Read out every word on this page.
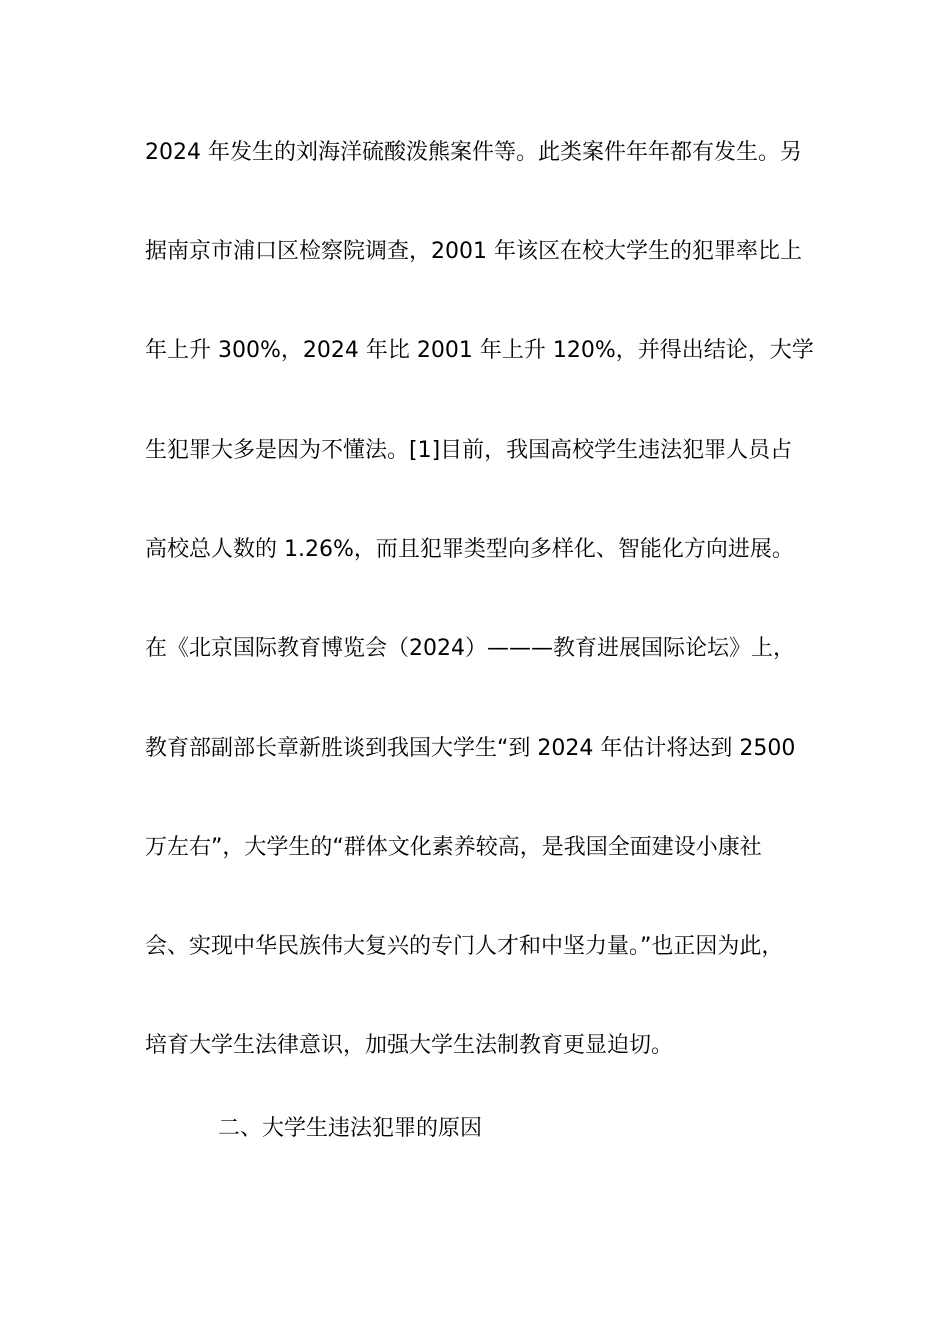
2024 年发生的刘海洋硫酸泼熊案件等。此类案件年年都有发生。另
据南京市浦口区检察院调查，2001 年该区在校大学生的犯罪率比上
年上升 300%，2024 年比 2001 年上升 120%，并得出结论，大学
生犯罪大多是因为不懂法。[1]目前，我国高校学生违法犯罪人员占
高校总人数的 1.26%，而且犯罪类型向多样化、智能化方向进展。
在《北京国际教育博览会（2024）———教育进展国际论坛》上，
教育部副部长章新胜谈到我国大学生“到 2024 年估计将达到 2500
万左右”，大学生的“群体文化素养较高，是我国全面建设小康社
会、实现中华民族伟大复兴的专门人才和中坚力量。”也正因为此，
培育大学生法律意识，加强大学生法制教育更显迫切。
二、大学生违法犯罪的原因
